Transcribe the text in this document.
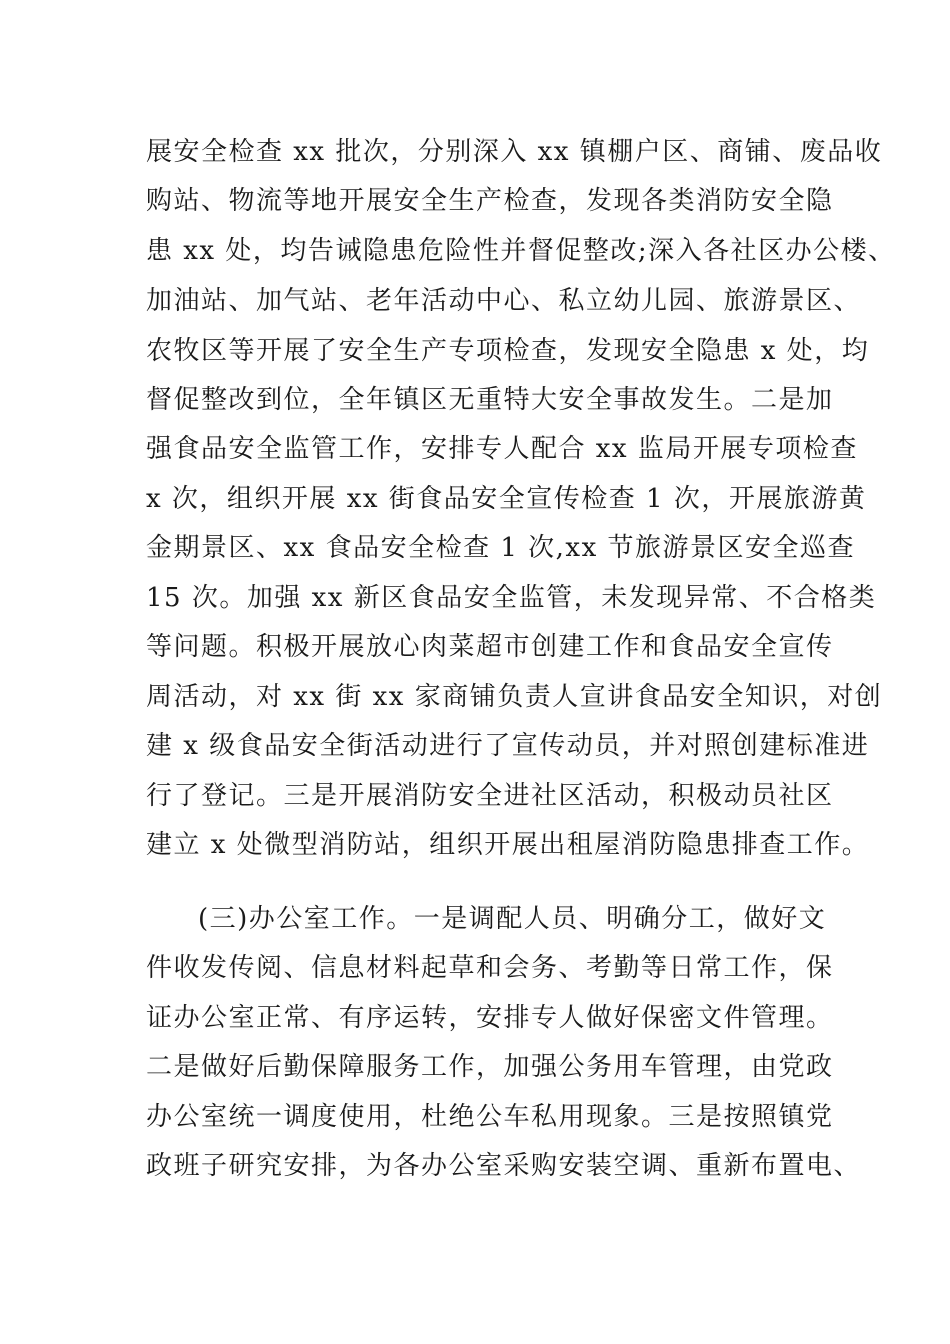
展安全检查 xx 批次，分别深入 xx 镇棚户区、商铺、废品收
购站、物流等地开展安全生产检查，发现各类消防安全隐
患 xx 处，均告诫隐患危险性并督促整改;深入各社区办公楼、
加油站、加气站、老年活动中心、私立幼儿园、旅游景区、
农牧区等开展了安全生产专项检查，发现安全隐患 x 处，均
督促整改到位，全年镇区无重特大安全事故发生。二是加
强食品安全监管工作，安排专人配合 xx 监局开展专项检查
x 次，组织开展 xx 街食品安全宣传检查 1 次，开展旅游黄
金期景区、xx 食品安全检查 1 次,xx 节旅游景区安全巡查
15 次。加强 xx 新区食品安全监管，未发现异常、不合格类
等问题。积极开展放心肉菜超市创建工作和食品安全宣传
周活动，对 xx 街 xx 家商铺负责人宣讲食品安全知识，对创
建 x 级食品安全街活动进行了宣传动员，并对照创建标准进
行了登记。三是开展消防安全进社区活动，积极动员社区
建立 x 处微型消防站，组织开展出租屋消防隐患排查工作。
(三)办公室工作。一是调配人员、明确分工，做好文
件收发传阅、信息材料起草和会务、考勤等日常工作，保
证办公室正常、有序运转，安排专人做好保密文件管理。
二是做好后勤保障服务工作，加强公务用车管理，由党政
办公室统一调度使用，杜绝公车私用现象。三是按照镇党
政班子研究安排，为各办公室采购安装空调、重新布置电、
